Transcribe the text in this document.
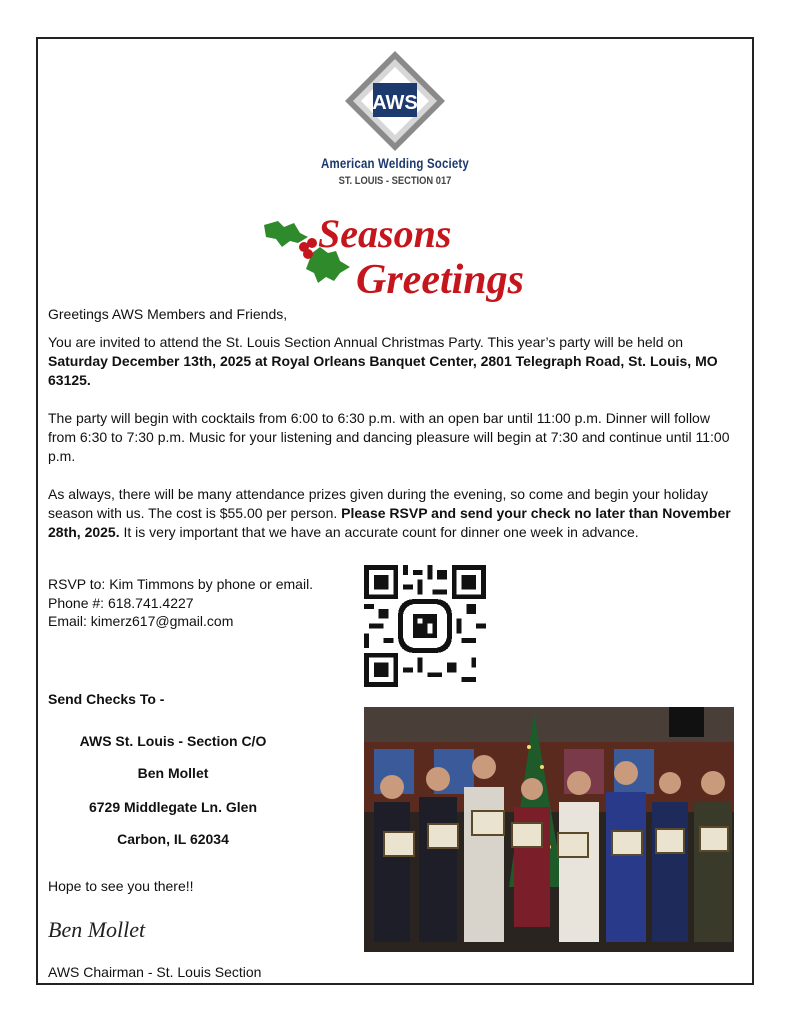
AWS
American Welding Society
ST. LOUIS - SECTION 017
Seasons
Greetings
Greetings AWS Members and Friends,
You are invited to attend the St. Louis Section Annual Christmas Party. This year’s party will be held on Saturday December 13th, 2025 at Royal Orleans Banquet Center, 2801 Telegraph Road, St. Louis, MO 63125.
The party will begin with cocktails from 6:00 to 6:30 p.m. with an open bar until 11:00 p.m. Dinner will follow from 6:30 to 7:30 p.m. Music for your listening and dancing pleasure will begin at 7:30 and continue until 11:00 p.m.
As always, there will be many attendance prizes given during the evening, so come and begin your holiday season with us. The cost is $55.00 per person. Please RSVP and send your check no later than November 28th, 2025. It is very important that we have an accurate count for dinner one week in advance.
RSVP to: Kim Timmons by phone or email.
Phone #: 618.741.4227
Email: kimerz617@gmail.com
Send Checks To -
AWS St. Louis - Section C/O
Ben Mollet
6729 Middlegate Ln. Glen
Carbon, IL 62034
Hope to see you there!!
Ben Mollet
AWS Chairman - St. Louis Section
